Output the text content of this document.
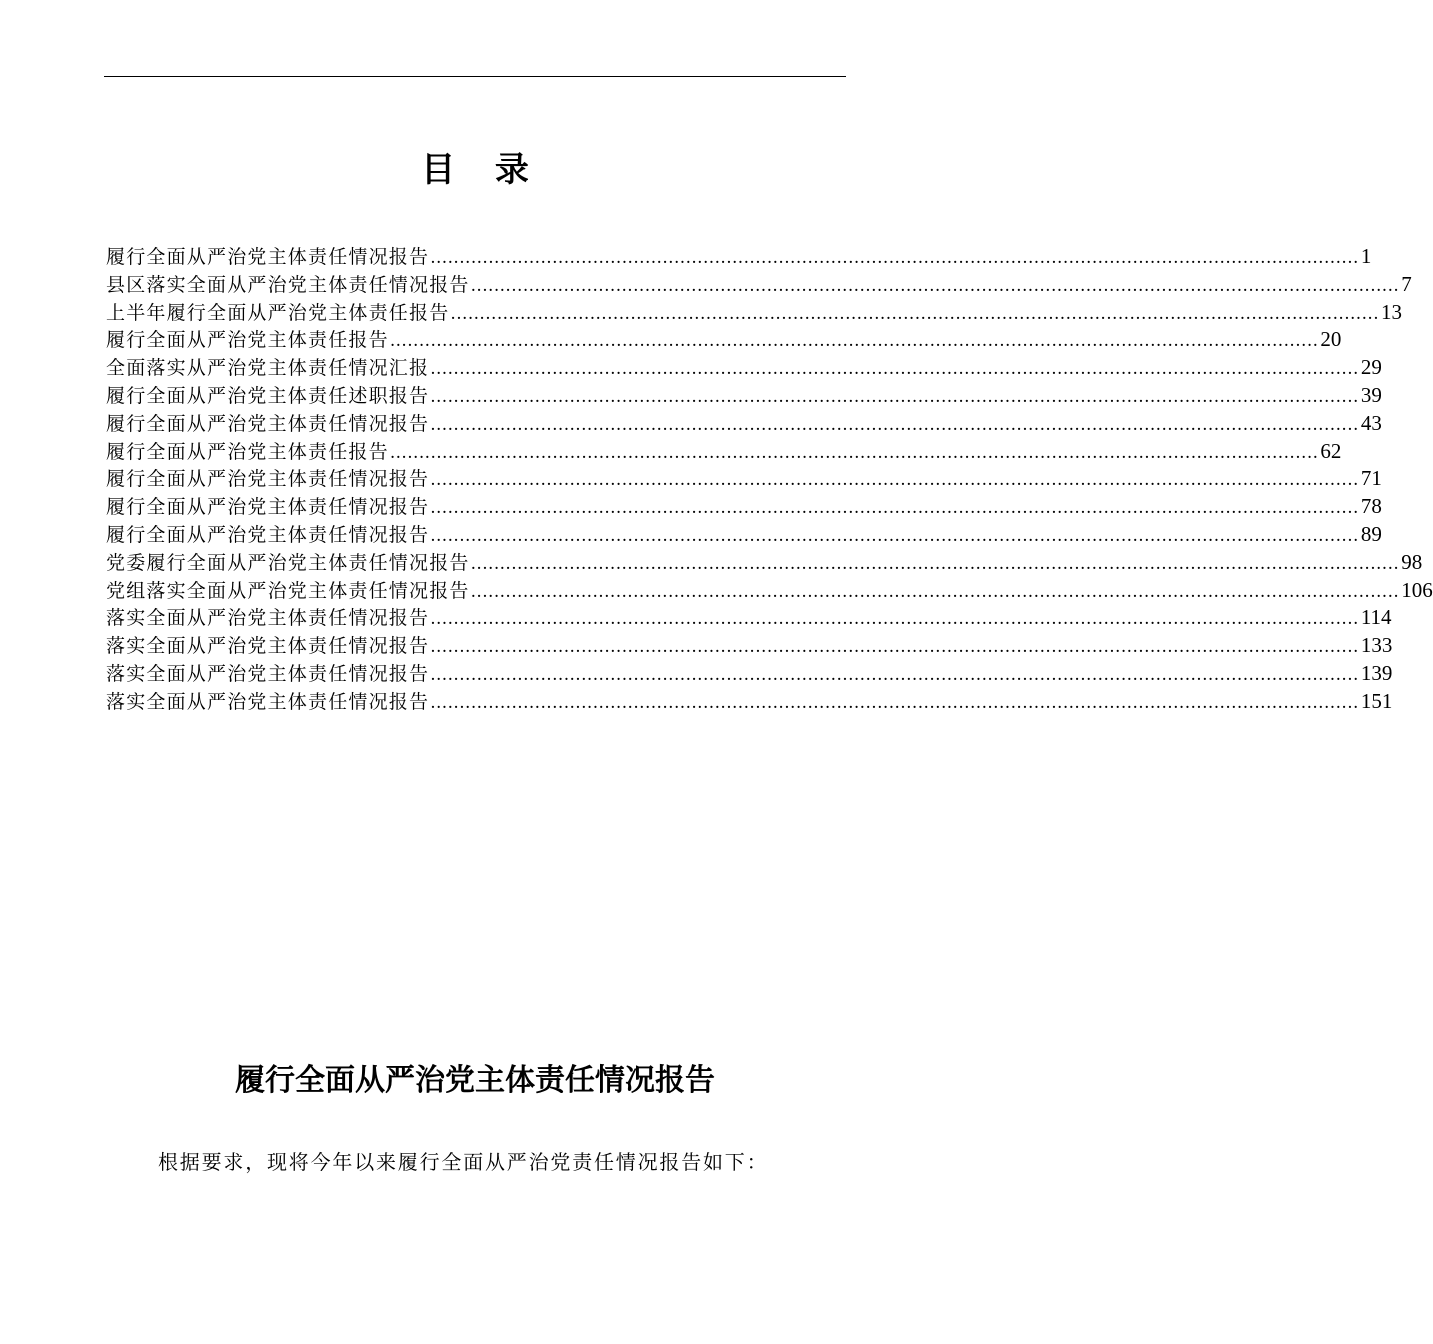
目 录
履行全面从严治党主体责任情况报告 ................................................................................................................................................................ 1
县区落实全面从严治党主体责任情况报告 ................................................................................................................................................................ 7
上半年履行全面从严治党主体责任报告 ................................................................................................................................................................ 13
履行全面从严治党主体责任报告 ................................................................................................................................................................ 20
全面落实从严治党主体责任情况汇报 ................................................................................................................................................................ 29
履行全面从严治党主体责任述职报告 ................................................................................................................................................................ 39
履行全面从严治党主体责任情况报告 ................................................................................................................................................................ 43
履行全面从严治党主体责任报告 ................................................................................................................................................................ 62
履行全面从严治党主体责任情况报告 ................................................................................................................................................................ 71
履行全面从严治党主体责任情况报告 ................................................................................................................................................................ 78
履行全面从严治党主体责任情况报告 ................................................................................................................................................................ 89
党委履行全面从严治党主体责任情况报告 ................................................................................................................................................................ 98
党组落实全面从严治党主体责任情况报告 ................................................................................................................................................................ 106
落实全面从严治党主体责任情况报告 ................................................................................................................................................................ 114
落实全面从严治党主体责任情况报告 ................................................................................................................................................................ 133
落实全面从严治党主体责任情况报告 ................................................................................................................................................................ 139
落实全面从严治党主体责任情况报告 ................................................................................................................................................................ 151
履行全面从严治党主体责任情况报告

根据要求，现将今年以来履行全面从严治党责任情况报告如下：
